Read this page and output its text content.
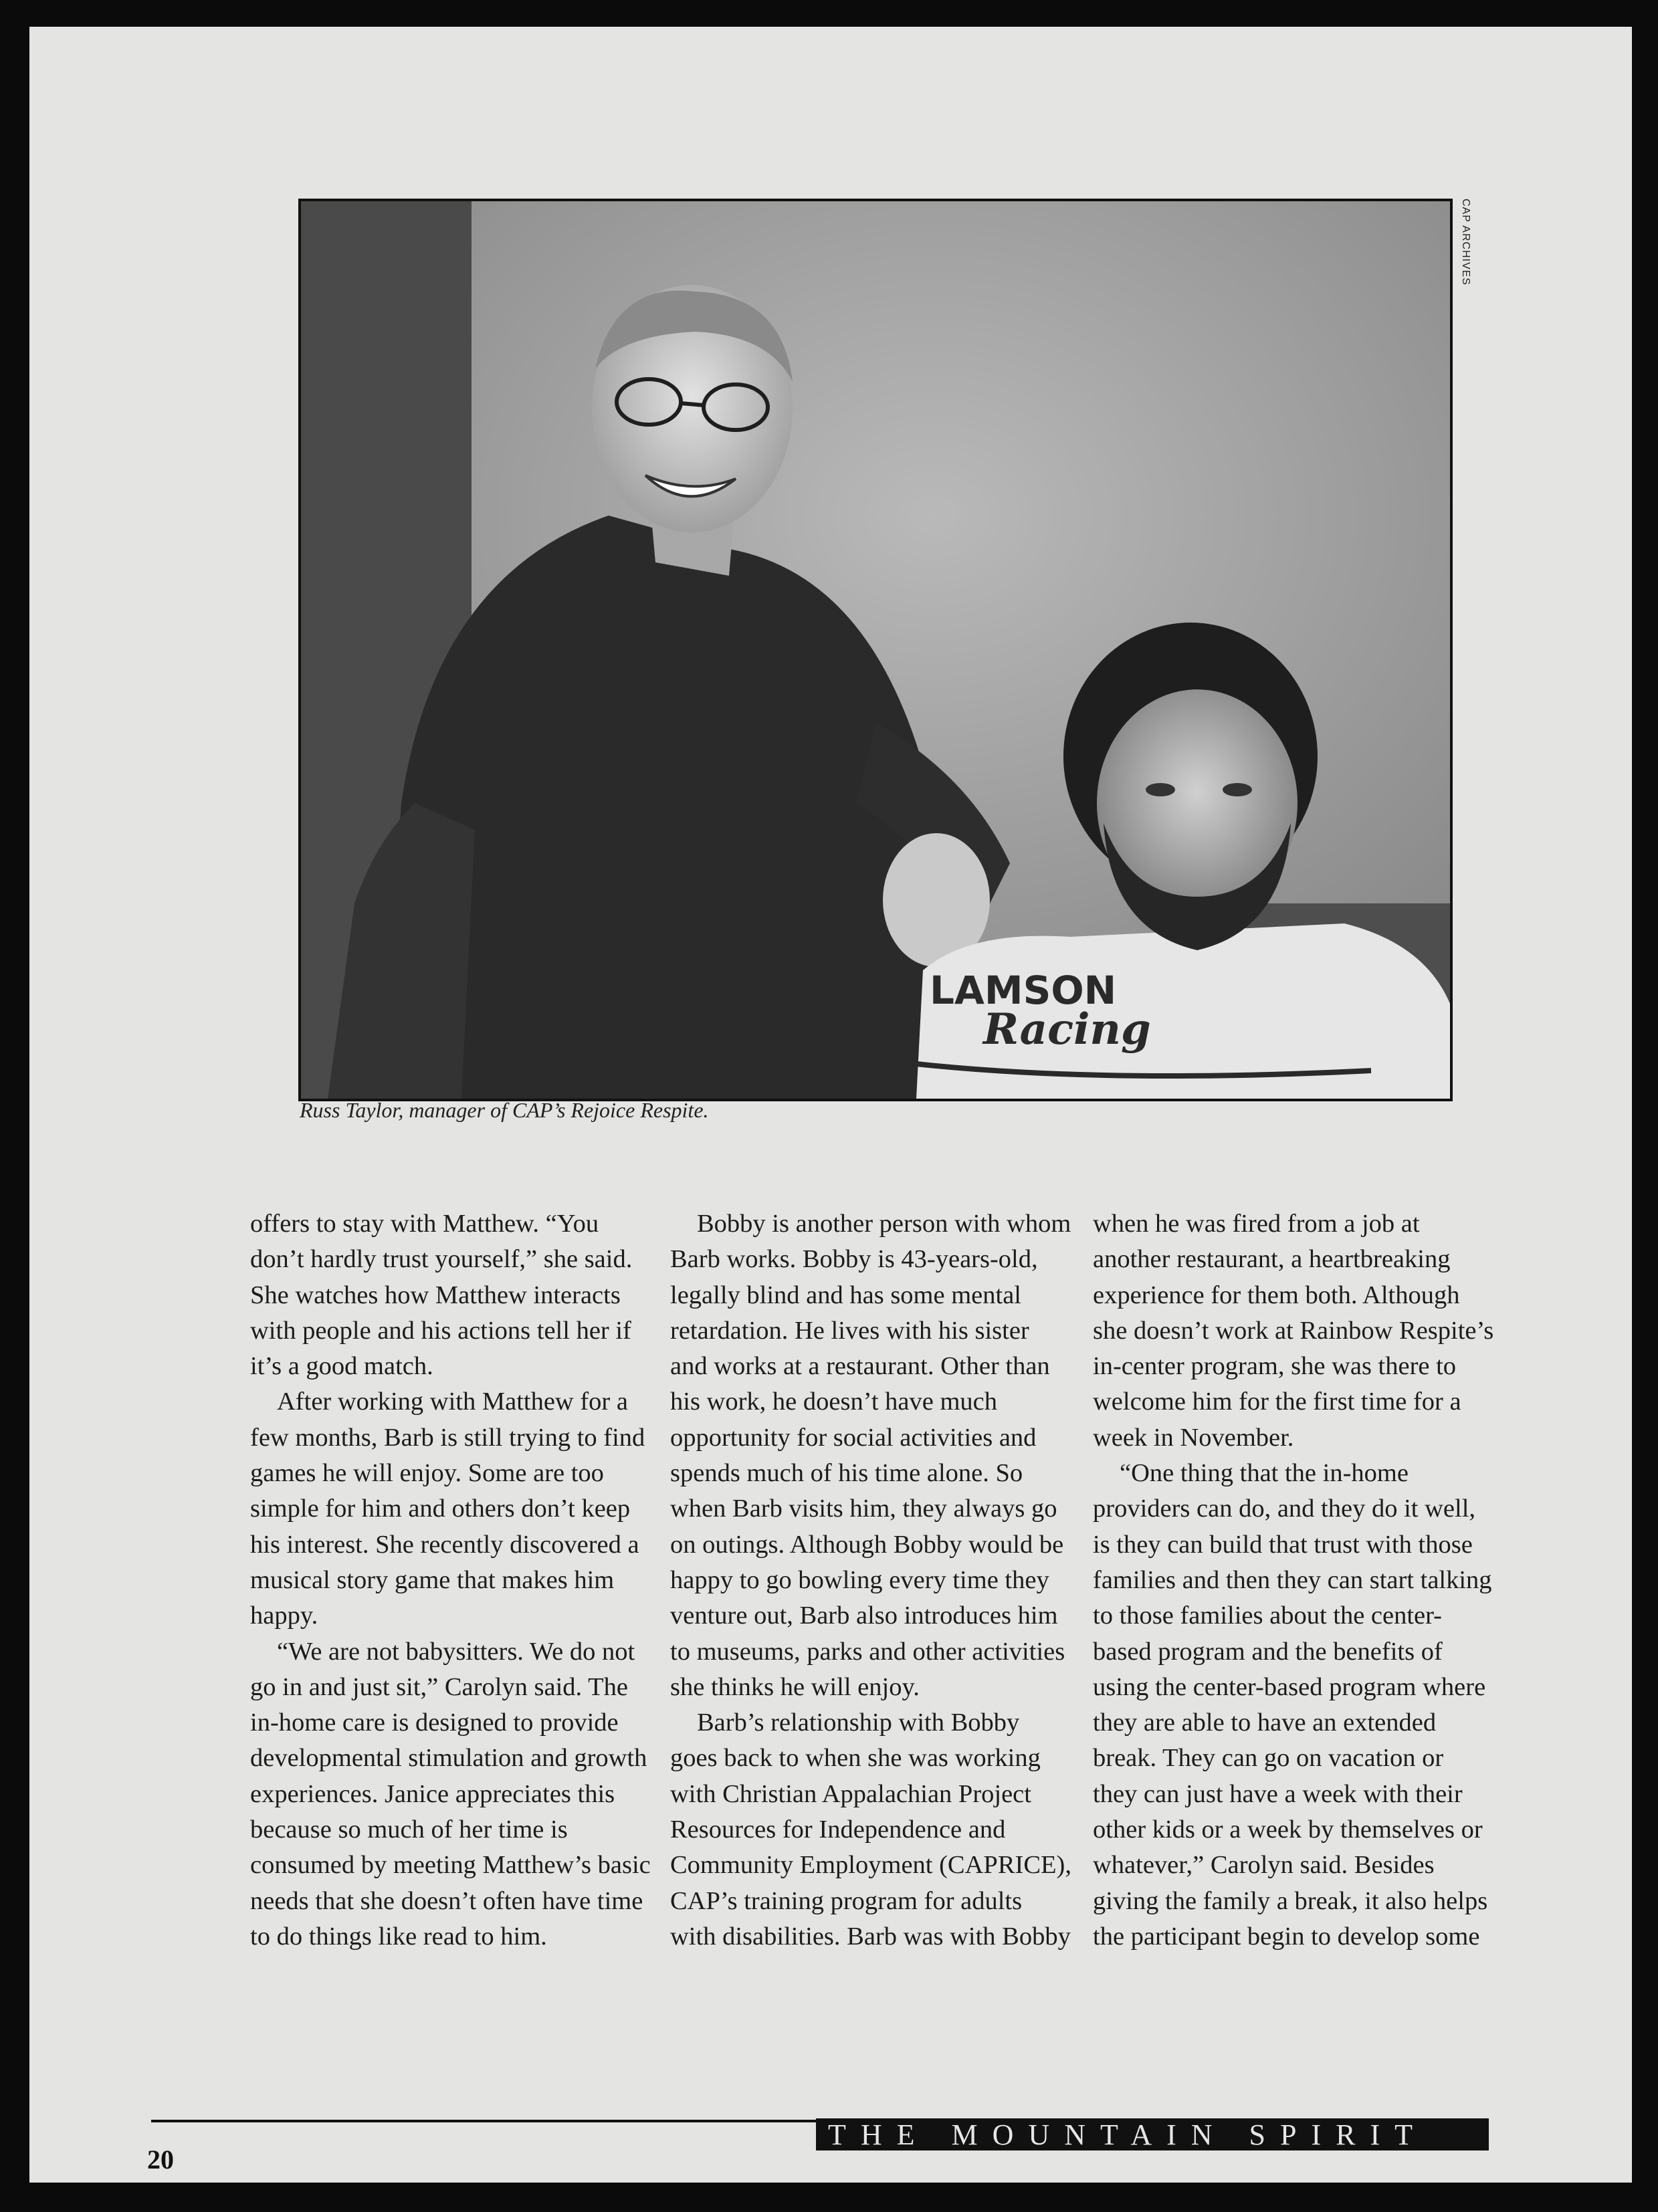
LAMSON
Racing
CAP ARCHIVES
Russ Taylor, manager of CAP’s Rejoice Respite.

offers to stay with Matthew. “You don’t hardly trust yourself,” she said. She watches how Matthew interacts with people and his actions tell her if it’s a good match.

After working with Matthew for a few months, Barb is still trying to find games he will enjoy. Some are too simple for him and others don’t keep his interest. She recently discovered a musical story game that makes him happy.

“We are not babysitters. We do not go in and just sit,” Carolyn said. The in-home care is designed to provide developmental stimulation and growth experiences. Janice appreciates this because so much of her time is consumed by meeting Matthew’s basic needs that she doesn’t often have time to do things like read to him.

Bobby is another person with whom Barb works. Bobby is 43-years-old, legally blind and has some mental retardation. He lives with his sister and works at a restaurant. Other than his work, he doesn’t have much opportunity for social activities and spends much of his time alone. So when Barb visits him, they always go on outings. Although Bobby would be happy to go bowling every time they venture out, Barb also introduces him to museums, parks and other activities she thinks he will enjoy.

Barb’s relationship with Bobby goes back to when she was working with Christian Appalachian Project Resources for Independence and Community Employment (CAPRICE), CAP’s training program for adults with disabilities. Barb was with Bobby

when he was fired from a job at another restaurant, a heartbreaking experience for them both. Although she doesn’t work at Rainbow Respite’s in-center program, she was there to welcome him for the first time for a week in November.

“One thing that the in-home providers can do, and they do it well, is they can build that trust with those families and then they can start talking to those families about the center-based program and the benefits of using the center-based program where they are able to have an extended break. They can go on vacation or they can just have a week with their other kids or a week by themselves or whatever,” Carolyn said. Besides giving the family a break, it also helps the participant begin to develop some

THE MOUNTAIN SPIRIT
20
